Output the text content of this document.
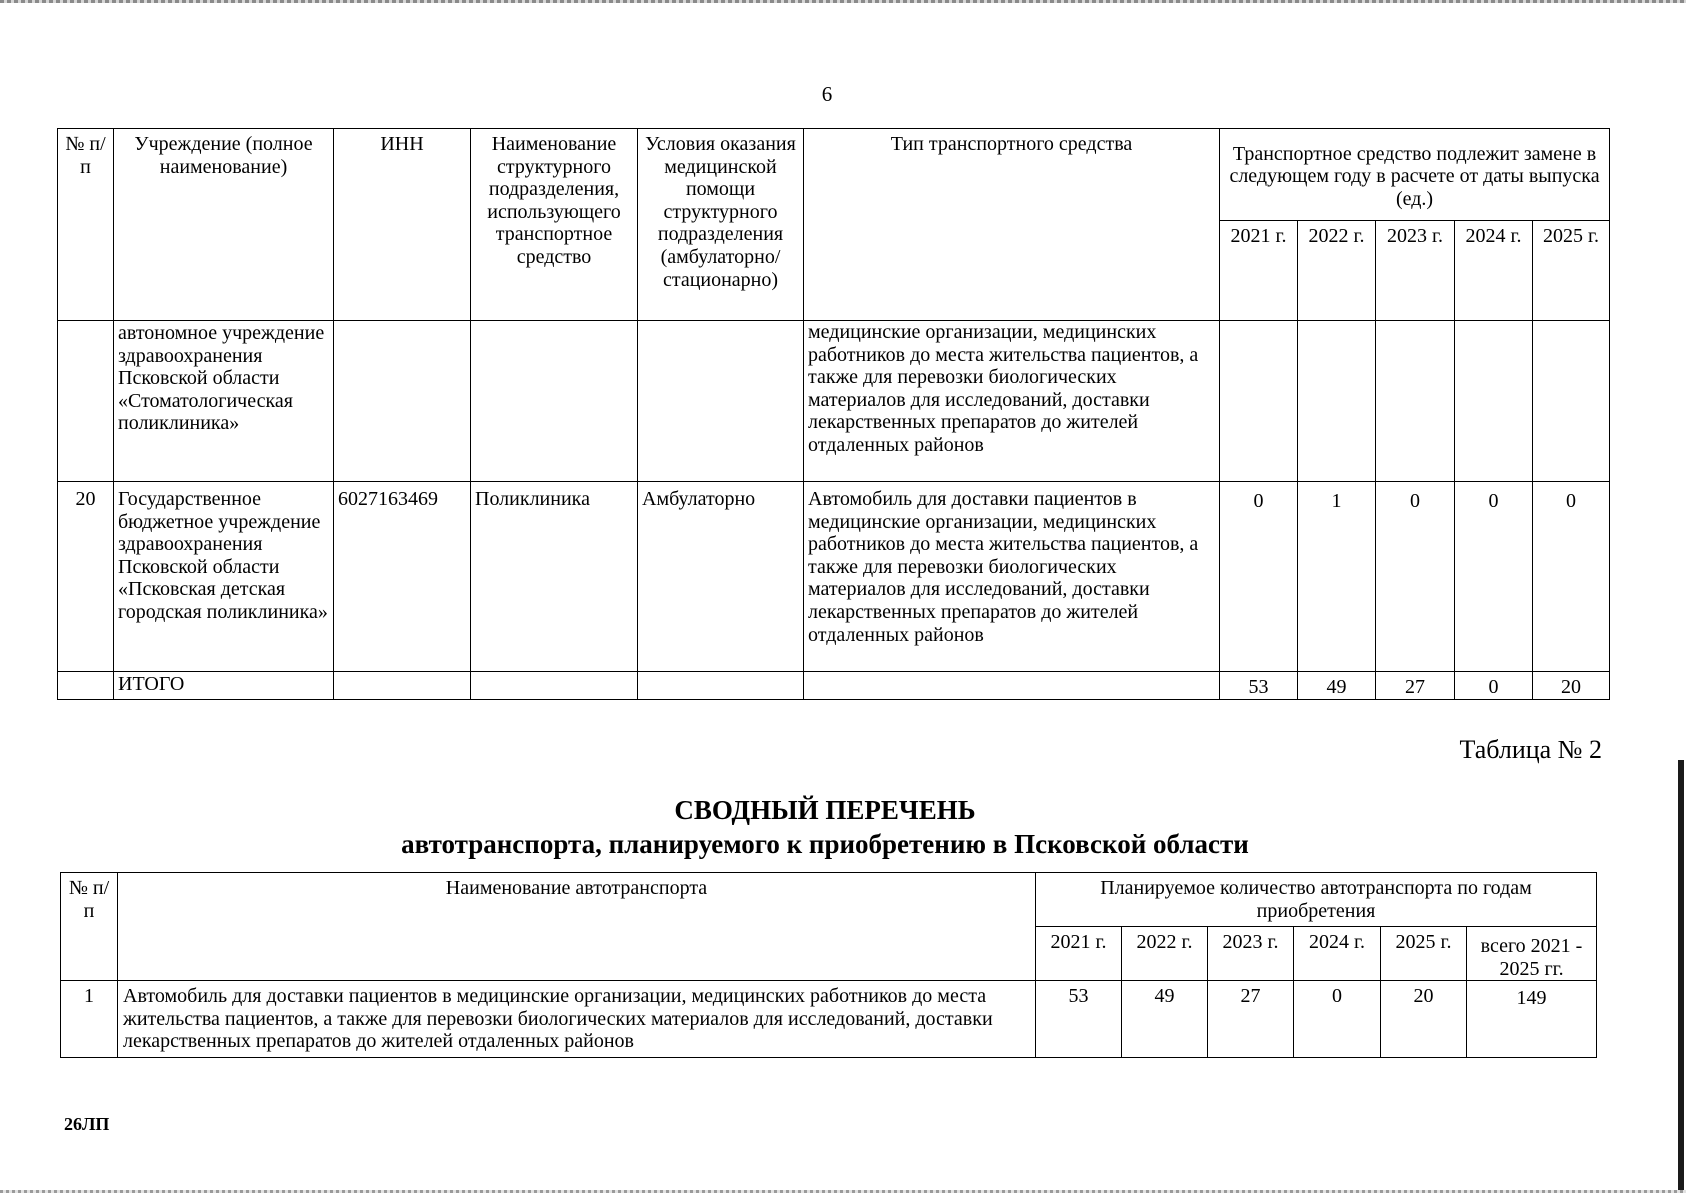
6
№ п/п	Учреждение (полное наименование)	ИНН	Наименование структурного подразделения, использующего транспортное средство	Условия оказания медицинской помощи структурного подразделения (амбулаторно/ стационарно)	Тип транспортного средства	Транспортное средство подлежит замене в следующем году в расчете от даты выпуска (ед.)				
						2021 г.	2022 г.	2023 г.	2024 г.	2025 г.
	автономное учреждение здравоохранения Псковской области «Стоматологическая поликлиника»				медицинские организации, медицинских работников до места жительства пациентов, а также для перевозки биологических материалов для исследований, доставки лекарственных препаратов до жителей отдаленных районов					
20	Государственное бюджетное учреждение здравоохранения Псковской области «Псковская детская городская поликлиника»	6027163469	Поликлиника	Амбулаторно	Автомобиль для доставки пациентов в медицинские организации, медицинских работников до места жительства пациентов, а также для перевозки биологических материалов для исследований, доставки лекарственных препаратов до жителей отдаленных районов	0	1	0	0	0
	ИТОГО					53	49	27	0	20
Таблица № 2
СВОДНЫЙ ПЕРЕЧЕНЬ
автотранспорта, планируемого к приобретению в Псковской области
№ п/п	Наименование автотранспорта	Планируемое количество автотранспорта по годам приобретения					
		2021 г.	2022 г.	2023 г.	2024 г.	2025 г.	всего 2021 - 2025 гг.
1	Автомобиль для доставки пациентов в медицинские организации, медицинских работников до места жительства пациентов, а также для перевозки биологических материалов для исследований, доставки лекарственных препаратов до жителей отдаленных районов	53	49	27	0	20	149
26ЛП
